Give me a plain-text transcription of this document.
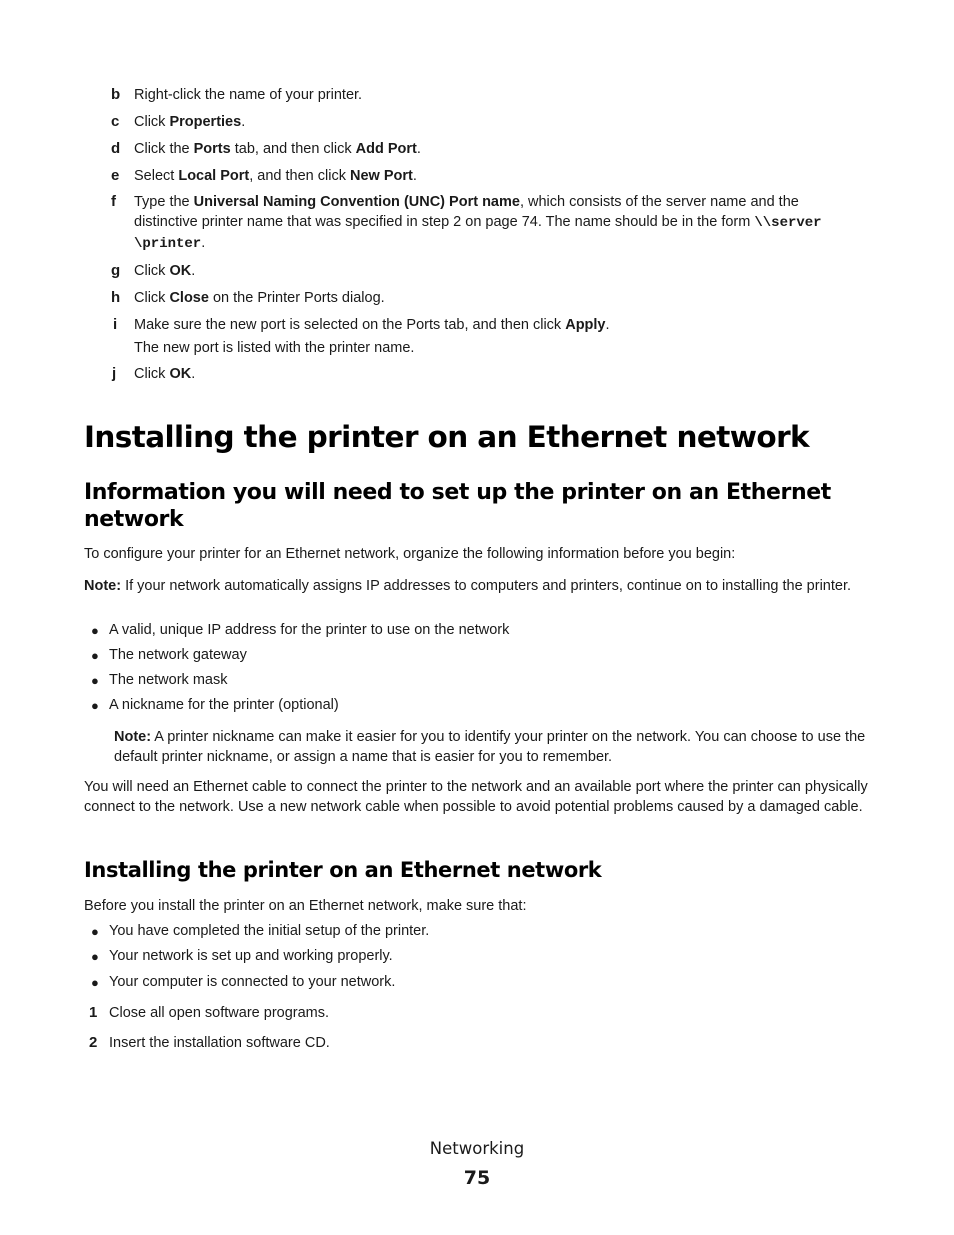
b Right-click the name of your printer.
c Click Properties.
d Click the Ports tab, and then click Add Port.
e Select Local Port, and then click New Port.
f Type the Universal Naming Convention (UNC) Port name, which consists of the server name and the
distinctive printer name that was specified in step 2 on page 74. The name should be in the form \\server
\printer.
g Click OK.
h Click Close on the Printer Ports dialog.
i Make sure the new port is selected on the Ports tab, and then click Apply.
The new port is listed with the printer name.
j Click OK.
Installing the printer on an Ethernet network
Information you will need to set up the printer on an Ethernet network
To configure your printer for an Ethernet network, organize the following information before you begin:
Note: If your network automatically assigns IP addresses to computers and printers, continue on to installing the printer.
● A valid, unique IP address for the printer to use on the network
● The network gateway
● The network mask
● A nickname for the printer (optional)
Note: A printer nickname can make it easier for you to identify your printer on the network. You can choose to use the default printer nickname, or assign a name that is easier for you to remember.
You will need an Ethernet cable to connect the printer to the network and an available port where the printer can physically connect to the network. Use a new network cable when possible to avoid potential problems caused by a damaged cable.
Installing the printer on an Ethernet network
Before you install the printer on an Ethernet network, make sure that:
● You have completed the initial setup of the printer.
● Your network is set up and working properly.
● Your computer is connected to your network.
1 Close all open software programs.
2 Insert the installation software CD.
Networking
75
